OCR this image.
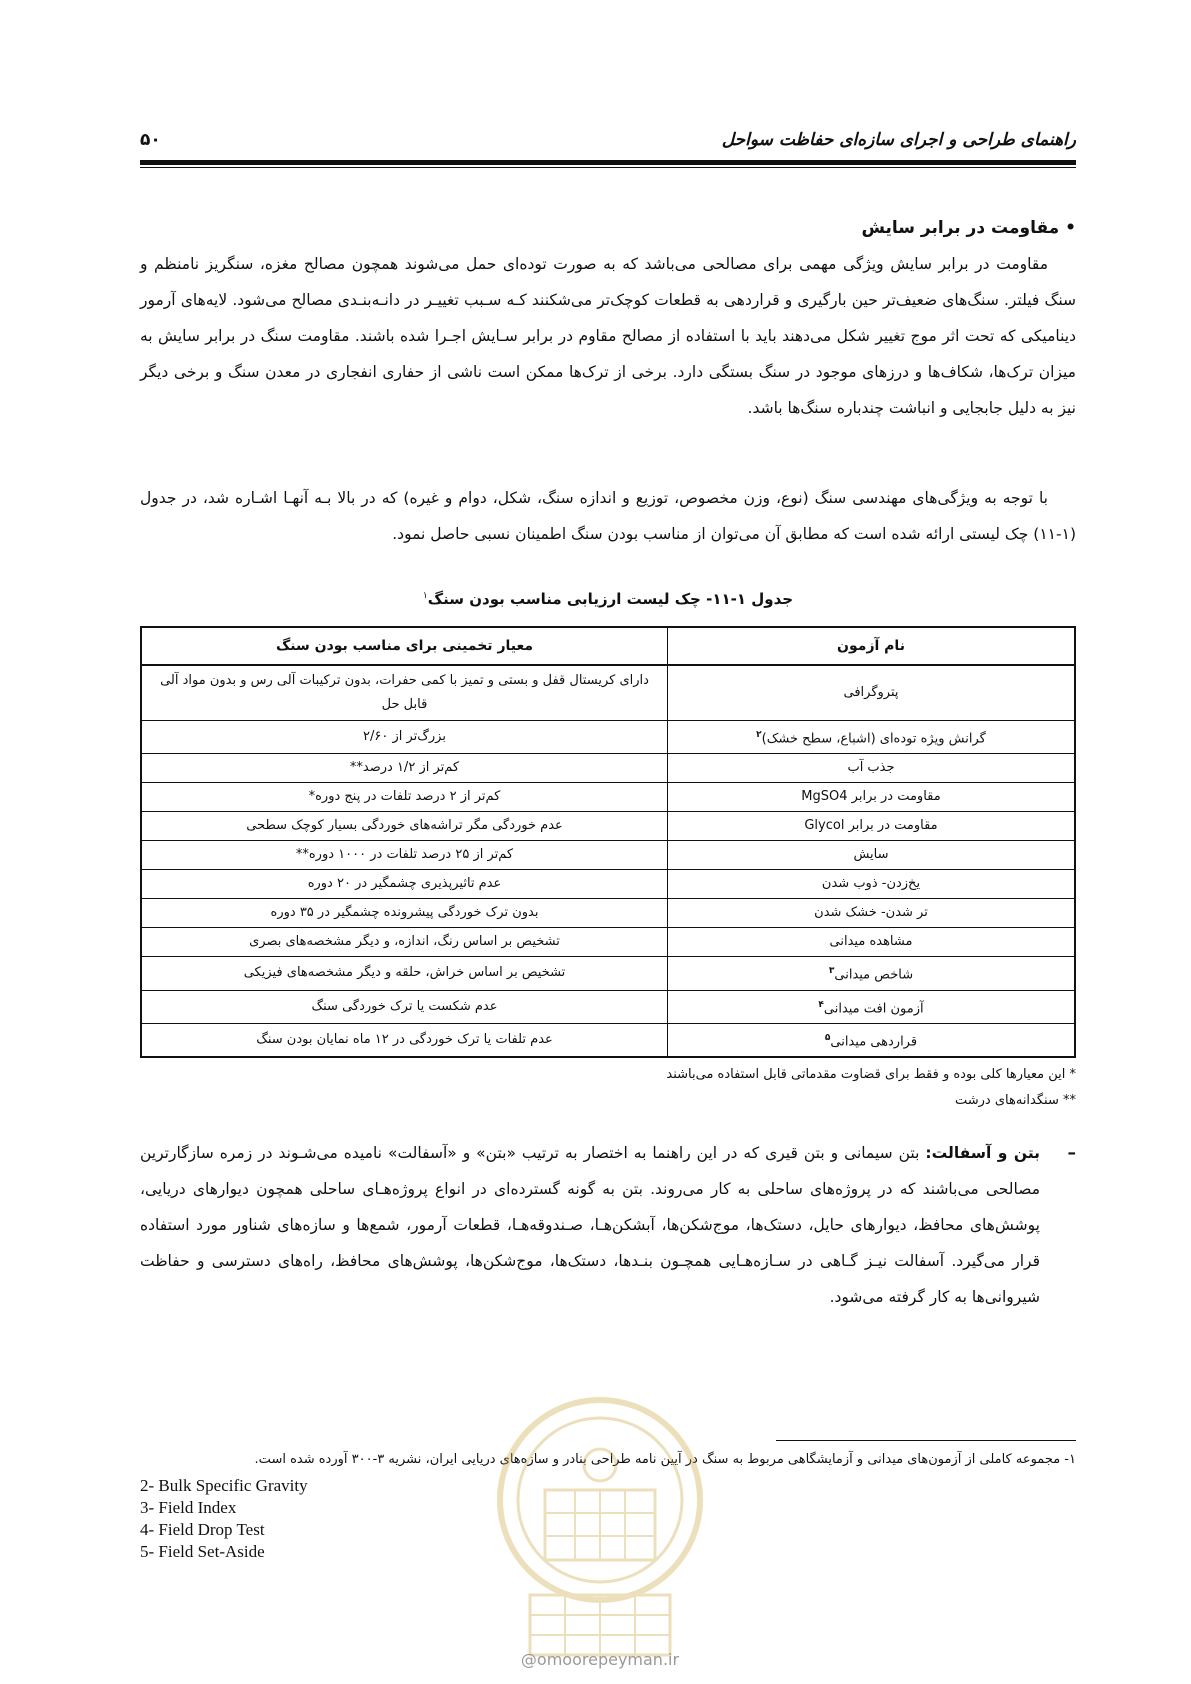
راهنمای طراحی و اجرای سازه‌ای حفاظت سواحل
۵۰
• مقاومت در برابر سایش
مقاومت در برابر سایش ویژگی مهمی برای مصالحی می‌باشد که به صورت توده‌ای حمل می‌شوند همچون مصالح مغزه، سنگریز نامنظم و سنگ فیلتر. سنگ‌های ضعیف‌تر حین بارگیری و قراردهی به قطعات کوچک‌تر می‌شکنند کـه سـبب تغییـر در دانـه‌بنـدی مصالح می‌شود. لایه‌های آرمور دینامیکی که تحت اثر موج تغییر شکل می‌دهند باید با استفاده از مصالح مقاوم در برابر سـایش اجـرا شده باشند. مقاومت سنگ در برابر سایش به میزان ترک‌ها، شکاف‌ها و درزهای موجود در سنگ بستگی دارد. برخی از ترک‌ها ممکن است ناشی از حفاری انفجاری در معدن سنگ و برخی دیگر نیز به دلیل جابجایی و انباشت چندباره سنگ‌ها باشد.
با توجه به ویژگی‌های مهندسی سنگ (نوع، وزن مخصوص، توزیع و اندازه سنگ، شکل، دوام و غیره) که در بالا بـه آنهـا اشـاره شد، در جدول (۱-۱۱) چک لیستی ارائه شده است که مطابق آن می‌توان از مناسب بودن سنگ اطمینان نسبی حاصل نمود.
جدول ۱-۱۱- چک لیست ارزیابی مناسب بودن سنگ$^۱$
نام آزمون	معیار تخمینی برای مناسب بودن سنگ
پتروگرافی	دارای کریستال قفل و بستی و تمیز با کمی حفرات، بدون ترکیبات آلی رس و بدون مواد آلی قابل حل
گرانش ویژه توده‌ای (اشباع، سطح خشک)$^۲$	بزرگ‌تر از ۲/۶۰
جذب آب	کم‌تر از ۱/۲ درصد**
مقاومت در برابر MgSO4	کم‌تر از ۲ درصد تلفات در پنج دوره*
مقاومت در برابر Glycol	عدم خوردگی مگر تراشه‌های خوردگی بسیار کوچک سطحی
سایش	کم‌تر از ۲۵ درصد تلفات در ۱۰۰۰ دوره**
یخ‌زدن- ذوب شدن	عدم تاثیرپذیری چشمگیر در ۲۰ دوره
تر شدن- خشک شدن	بدون ترک خوردگی پیشرونده چشمگیر در ۳۵ دوره
مشاهده میدانی	تشخیص بر اساس رنگ، اندازه، و دیگر مشخصه‌های بصری
شاخص میدانی$^۳$	تشخیص بر اساس خراش، حلقه و دیگر مشخصه‌های فیزیکی
آزمون افت میدانی$^۴$	عدم شکست یا ترک خوردگی سنگ
قراردهی میدانی$^۵$	عدم تلفات یا ترک خوردگی در ۱۲ ماه نمایان بودن سنگ
* این معیارها کلی بوده و فقط برای قضاوت مقدماتی قابل استفاده می‌باشند
** سنگدانه‌های درشت
–
بتن و آسفالت: بتن سیمانی و بتن قیری که در این راهنما به اختصار به ترتیب «بتن» و «آسفالت» نامیده می‌شـوند در زمره سازگارترین مصالحی می‌باشند که در پروژه‌های ساحلی به کار می‌روند. بتن به گونه گسترده‌ای در انواع پروژه‌هـای ساحلی همچون دیوارهای دریایی، پوشش‌های محافظ، دیوارهای حایل، دستک‌ها، موج‌شکن‌ها، آبشکن‌هـا، صـندوقه‌هـا، قطعات آرمور، شمع‌ها و سازه‌های شناور مورد استفاده قرار می‌گیرد. آسفالت نیـز گـاهی در سـازه‌هـایی همچـون بنـدها، دستک‌ها، موج‌شکن‌ها، پوشش‌های محافظ، راه‌های دسترسی و حفاظت شیروانی‌ها به کار گرفته می‌شود.
۱- مجموعه کاملی از آزمون‌های میدانی و آزمایشگاهی مربوط به سنگ در آیین نامه طراحی بنادر و سازه‌های دریایی ایران، نشریه ۳-۳۰۰ آورده شده است.
2- Bulk Specific Gravity
3- Field Index
4- Field Drop Test
5- Field Set-Aside
@omoorepeyman.ir
